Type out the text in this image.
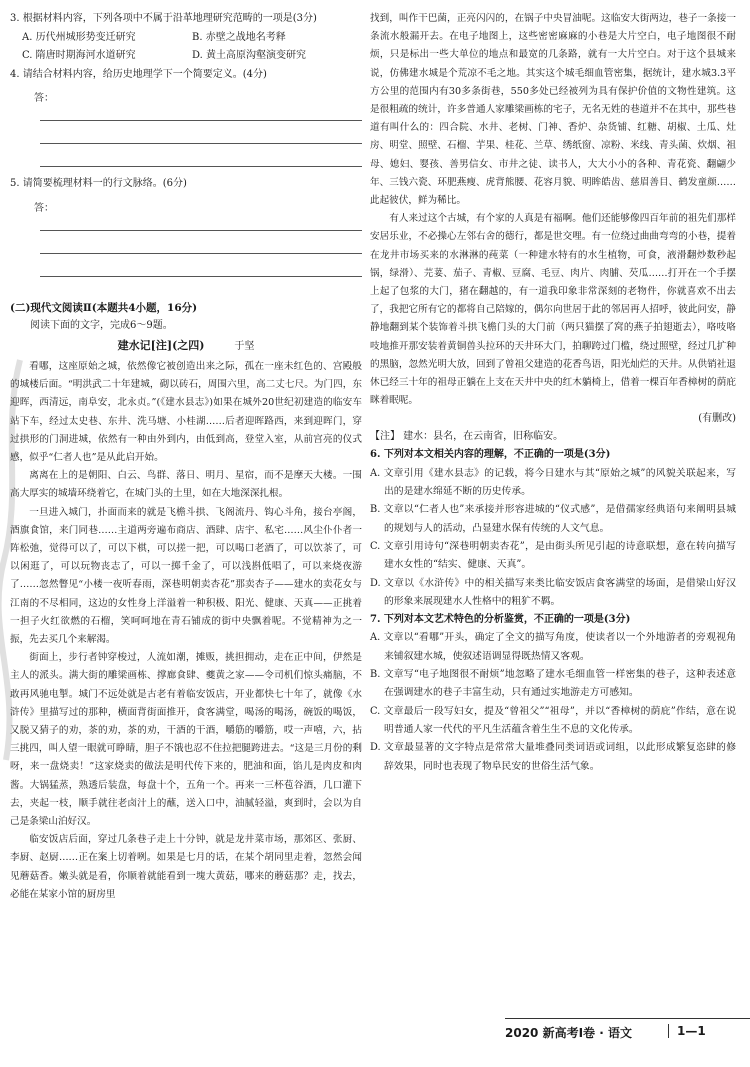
3. 根据材料内容，下列各项中不属于沿革地理研究范畴的一项是(3分)
A. 历代州城形势变迁研究	B. 赤壁之战地名考释
C. 隋唐时期海河水道研究	D. 黄土高原沟壑演变研究
4. 请结合材料内容，给历史地理学下一个简要定义。(4分)
答：
5. 请简要梳理材料一的行文脉络。(6分)
答：
(二)现代文阅读Ⅱ(本题共4小题，16分)
阅读下面的文字，完成6～9题。
建水记[注](之四)	于坚

看哪，这座原始之城，依然像它被创造出来之际，孤在一座未红色的、宫殿般的城楼后面。“明洪武二十年建城，砌以砖石，周围六里，高二丈七尺。为门四，东迎晖，西清远，南阜安，北永贞。”(《建水县志》)如果在城外20世纪初建造的临安车站下车，经过太史巷、东井、洗马塘、小桂湖……后者迎晖路西，来到迎晖门，穿过拱形的门洞进城，依然有一种由外到内，由低到高，登堂入室，从前宫亮的仪式感，似乎“仁者人也”是从此启开始。

离离在上的是朝阳、白云、鸟群、落日、明月、星宿，而不是摩天大楼。一围高大厚实的城墙环绕着它，在城门头的土里，如在大地深深扎根。

一旦进入城门，扑面而来的就是飞檐斗拱、飞阁流丹、钩心斗角，接台亭阁，酒旗食馆，来门同巷……主道两旁遍布商店、酒肆、店宇、私宅……风尘仆仆者一阵松弛，觉得可以了，可以下棋，可以搓一把，可以喝口老酒了，可以饮茶了，可以闲逛了，可以玩物丧志了，可以一掷千金了，可以浅斟低唱了，可以来烧夜游了……忽然瞥见“小楼一夜听春雨，深巷明朝卖杏花”那卖杏子——建水的卖花女与江南的不尽相同，这边的女性身上洋溢着一种积极、阳光、健康、天真——正挑着一担子火红欲燃的石榴，笑呵呵地在青石铺成的街中央飘着呢。不觉精神为之一振，先去买几个来解渴。

街面上，步行者钟穿梭过，人流如潮，摊贩，挑担拥动，走在正中间，伊然是主人的派头。满大街的雕梁画栋、撑廊食肆、夔黄之家——令司机们惊头痛脑，不敢再风驰电掣。城门不远处就是古老有着临安饭店，开业都快七十年了，就像《水浒传》里描写过的那种，横面背街面推开，食客满堂，喝汤的喝汤，碗饭的喝饭，又脱又猜子的劝，茶的劝，茶的劝，干酒的干酒，嚼筋的嚼筋，哎一声嘻，六，拈三挑四，叫人望一眼就可睁睛，胆子不饿也忍不住拉把腿跨进去。“这是三月份的剩呀，来一盘烧卖！”这家烧卖的做法是明代传下来的，肥油和面，馅儿是肉皮和肉酱。大锅猛蒸，熟透后装盘，每盘十个，五角一个。再来一三杯苞谷酒，几口灌下去，夹起一枝，顺手就往老卤汁上的蘸，送入口中，油腻轻溢，爽到时，会以为自己是条梁山泊好汉。

临安饭店后面，穿过几条巷子走上十分钟，就是龙井菜市场，那郊区、张厨、李厨、赵厨……正在案上切着咧。如果是七月的话，在某个胡同里走着，忽然会闻见蘑菇香。嫩头就是看，你顺着就能看到一塊大黄菇，哪来的蘑菇那？走，找去，必能在某家小馆的厨房里

找到，叫作干巴菌，正亮闪闪的，在锅子中央冒油呢。这临安大街两边，巷子一条接一条流水般漏开去。在电子地图上，这些密密麻麻的小巷是大片空白，电子地图很不耐烦，只是标出一些大单位的地点和最宽的几条路，就有一大片空白。对于这个县城来说，仿佛建水城是个荒凉不毛之地。其实这个城毛细血管密集，据统计，建水城3.3平方公里的范围内有30多条街巷，550多处已经被列为具有保护价值的文物性建筑。这是很粗疏的统计，许多普通人家雕梁画栋的宅子，无名无姓的巷道并不在其中，那些巷道有叫什么的：四合院、水井、老树、门神、香炉、杂货铺、红糖、胡椒、土瓜、灶房、明堂、照壁、石榴、芋果、桂花、兰草、绣纸窗、凉粉、米线、青头菌、炊烟、祖母、媳妇、婴孩、善男信女、市井之徒、读书人，大大小小的各种、青花瓷、翻翩少年、三钱六瓷、环肥燕瘦、虎背熊腰、花容月貌、明眸皓齿、慈眉善目、鹤发童颜……此起彼伏，鲜为稀比。

有人来过这个古城，有个家的人真是有福啊。他们还能够像四百年前的祖先们那样安居乐业，不必操心左邻右舍的德行，都是世交哩。有一位绕过曲曲弯弯的小巷，提着在龙井市场买来的水淋淋的莼菜（一种建水特有的水生植物，可食，液滑翻炒数秒起锅，绿滑）、芫荽、茄子、青椒、豆腐、毛豆、肉片、肉脯、芡瓜……打开在一个手摆上起了包浆的大门，猪在翻越的，有一道我印象非常深刻的老物件，你就喜欢不出去了，我把它所有它的都将自己陪嫁的，偶尔向世居于此的邻居再人招呼，彼此问安，静静地翻到某个装饰着斗拱飞檐门头的大门前（两只猫摆了窝的燕子拍翅逝去），咯吱咯吱地推开那安装着黄铜兽头拉环的天井环大门，拍聊跨过门槛，绕过照壁，经过几扩种的黑脑，忽然光明大放，回到了曾祖父建造的花香鸟语，阳光灿烂的天井。从供销社退休已经三十年的祖母正躺在上支在天井中央的红木躺椅上，借着一棵百年香樟树的荫庇眯着眠呢。

(有删改)
【注】 建水：县名，在云南省，旧称临安。
6. 下列对本文相关内容的理解，不正确的一项是(3分)

A. 文章引用《建水县志》的记载，将今日建水与其“原始之城”的风貌关联起来，写出的是建水绵延不断的历史传承。

B. 文章以“仁者人也”来承接并形容进城的“仪式感”，是借孺家经典语句来阐明县城的规划与人的活动，凸显建水保有传统的人文气息。

C. 文章引用诗句“深巷明朝卖杏花”，是由街头所见引起的诗意联想，意在转向描写建水女性的“结实、健康、天真”。

D. 文章以《水浒传》中的相关描写来类比临安饭店食客满堂的场面，是借梁山好汉的形象来展现建水人性格中的粗犷不羁。

7. 下列对本文艺术特色的分析鉴赏，不正确的一项是(3分)

A. 文章以“看哪”开头，确定了全文的描写角度，使读者以一个外地游者的旁观视角来铺叙建水城，使叙述语调显得既热情又客观。

B. 文章写“电子地图很不耐烦”地忽略了建水毛细血管一样密集的巷子，这种表述意在强调建水的巷子丰富生动，只有通过实地游走方可感知。

C. 文章最后一段写妇女，提及“曾祖父”“祖母”，并以“香樟树的荫庇”作结，意在说明普通人家一代代的平凡生活蕴含着生生不息的文化传承。

D. 文章最显著的文字特点是常常大量堆叠同类词语或词组，以此形成繁复恣肆的修辞效果，同时也表现了物阜民安的世俗生活气象。

2020 新高考Ⅰ卷 · 语文	1—1
